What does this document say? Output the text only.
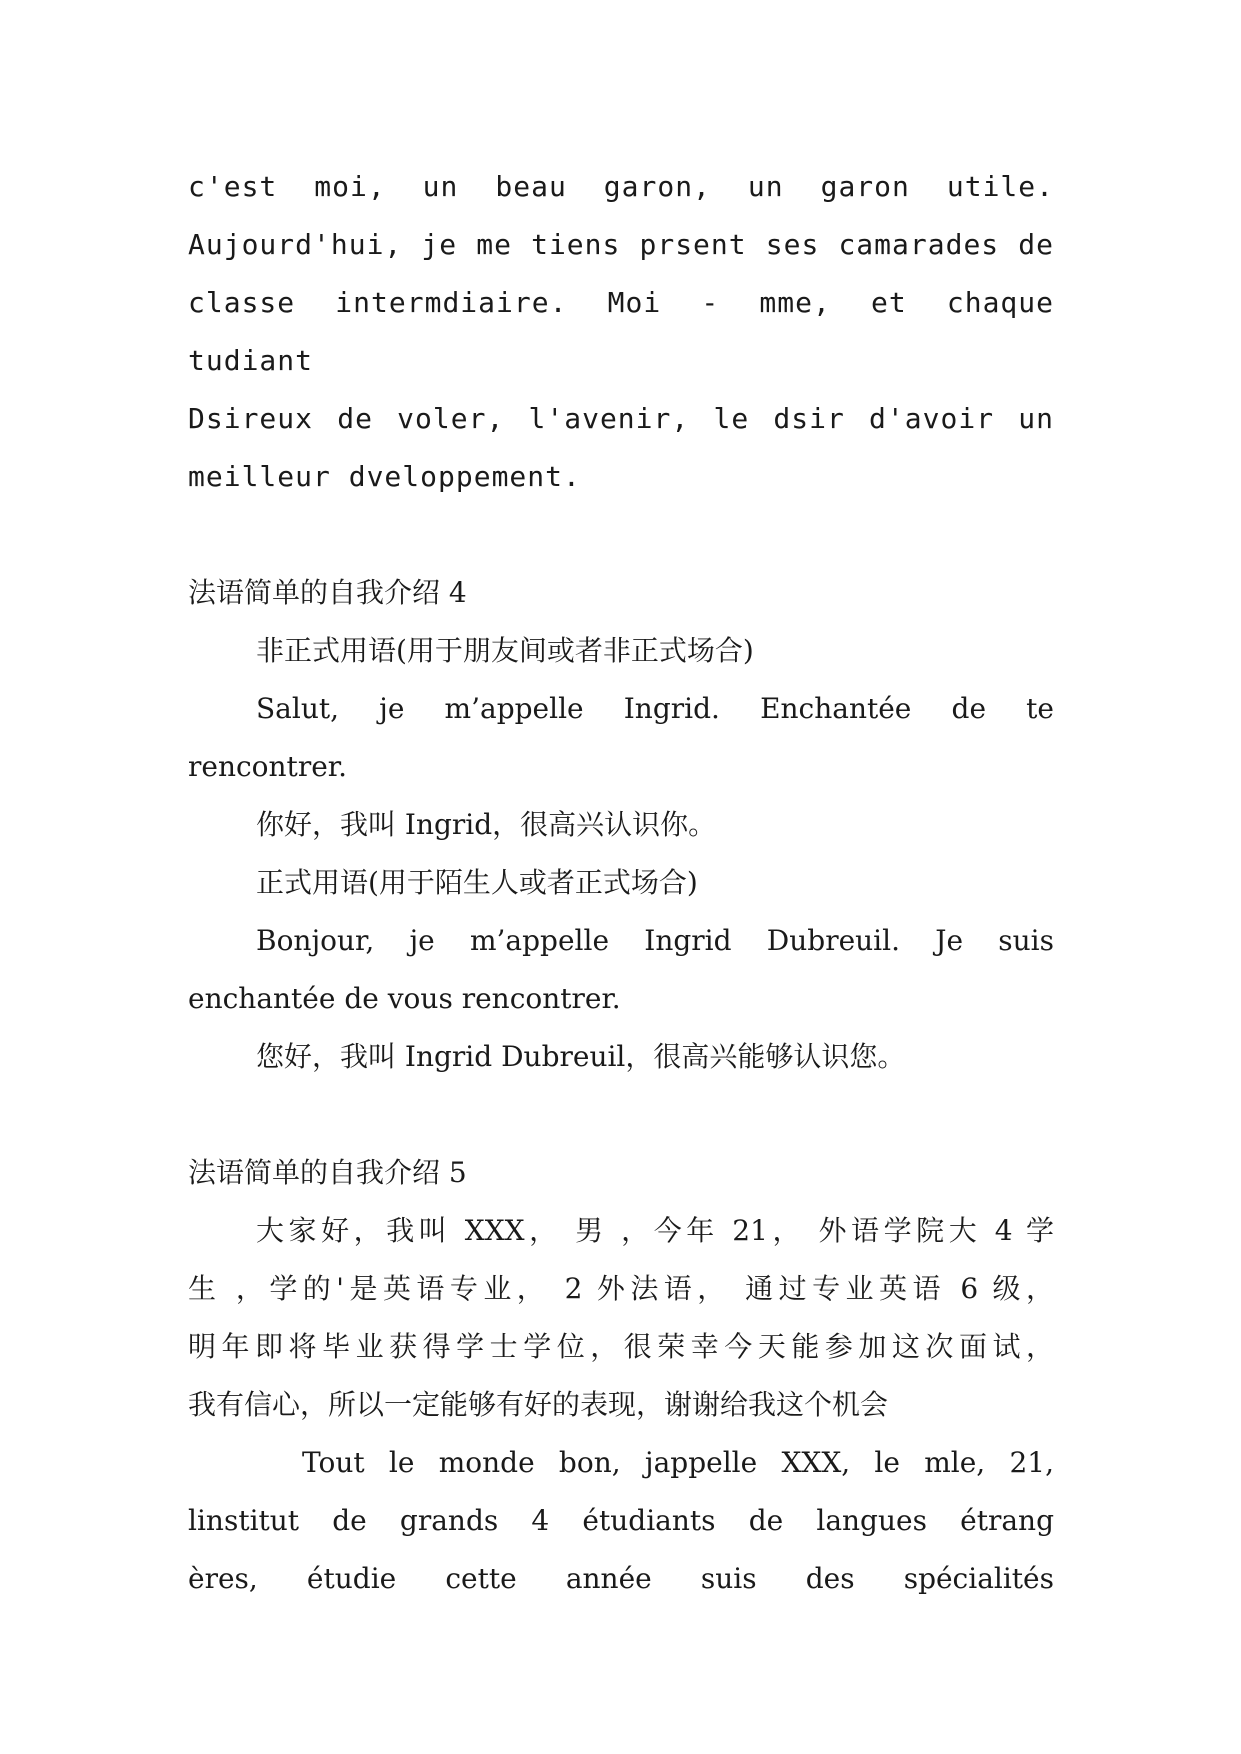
c'est moi, un beau garon, un garon utile.
Aujourd'hui, je me tiens prsent ses camarades de
classe intermdiaire. Moi - mme, et chaque tudiant
Dsireux de voler, l'avenir, le dsir d'avoir un
meilleur dveloppement.

法语简单的自我介绍 4

非正式用语(用于朋友间或者非正式场合)
Salut, je m’appelle Ingrid. Enchantée de te
rencontrer.
你好，我叫 Ingrid，很高兴认识你。
正式用语(用于陌生人或者正式场合)
Bonjour, je m’appelle Ingrid Dubreuil. Je suis
enchantée de vous rencontrer.
您好，我叫 Ingrid Dubreuil，很高兴能够认识您。

法语简单的自我介绍 5

大家好，我叫 XXX， 男 ，今年 21， 外语学院大 4 学
生 ，学的'是英语专业， 2 外法语， 通过专业英语 6 级，
明年即将毕业获得学士学位，很荣幸今天能参加这次面试，
我有信心，所以一定能够有好的表现，谢谢给我这个机会
Tout le monde bon, jappelle XXX, le mle, 21,
linstitut de grands 4 étudiants de langues étrang
ères, étudie cette année suis des spécialités
